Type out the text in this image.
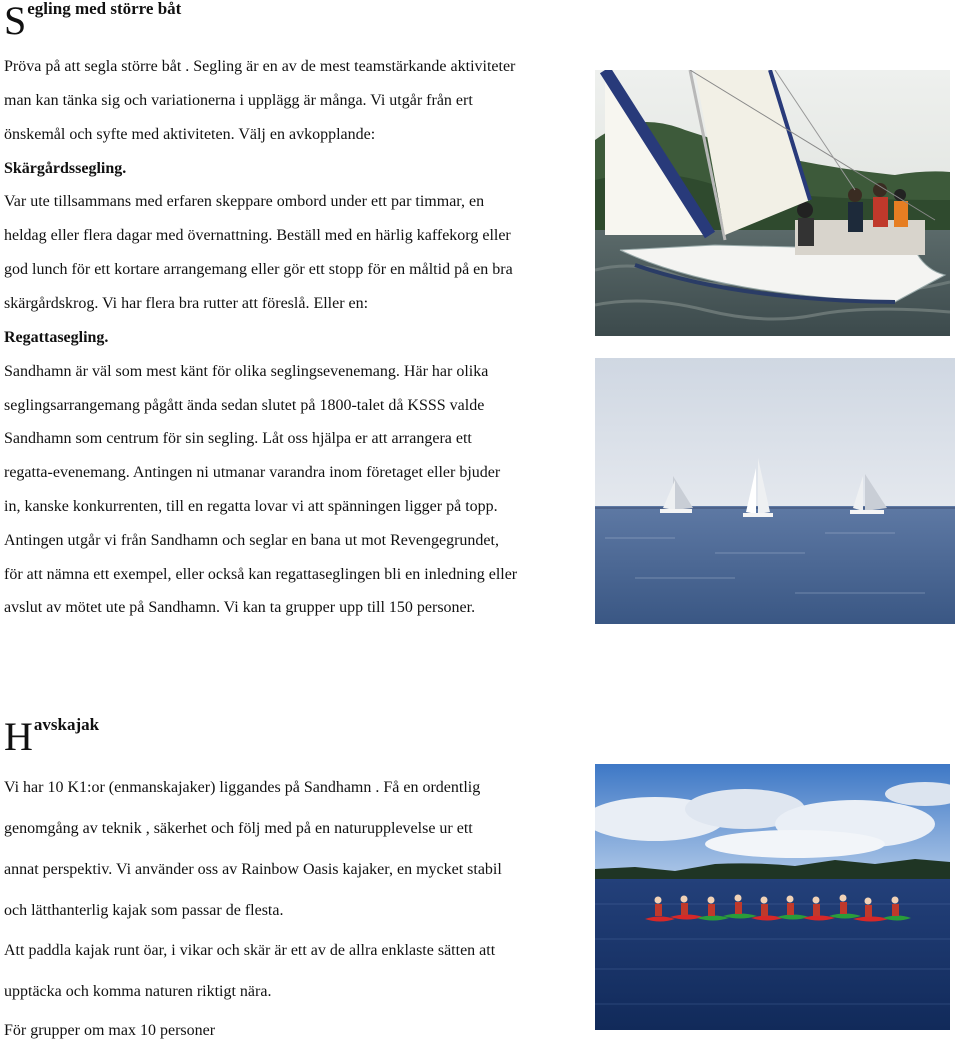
Segling med större båt

Pröva på att segla större båt . Segling är en av de mest teamstärkande aktiviteter

man kan tänka sig och variationerna i upplägg är många. Vi utgår från ert

önskemål och syfte med aktiviteten. Välj en avkopplande:

Skärgårdssegling.

Var ute tillsammans med erfaren skeppare ombord under ett par timmar, en

heldag eller flera dagar med övernattning. Beställ med en härlig kaffekorg eller

god lunch för ett kortare arrangemang eller gör ett stopp för en måltid på en bra

skärgårdskrog. Vi har flera bra rutter att föreslå. Eller en:

Regattasegling.

Sandhamn är väl som mest känt för olika seglingsevenemang. Här har olika

seglingsarrangemang pågått ända sedan slutet på 1800-talet då KSSS valde

Sandhamn som centrum för sin segling. Låt oss hjälpa er att arrangera ett

regatta-evenemang. Antingen ni utmanar varandra inom företaget eller bjuder

in, kanske konkurrenten, till en regatta lovar vi att spänningen ligger på topp.

Antingen utgår vi från Sandhamn och seglar en bana ut mot Revengegrundet,

för att nämna ett exempel, eller också kan regattaseglingen bli en inledning eller

avslut av mötet ute på Sandhamn. Vi kan ta grupper upp till 150 personer.

Havskajak

Vi har 10 K1:or (enmanskajaker) liggandes på Sandhamn . Få en ordentlig

genomgång av teknik , säkerhet och följ med på en naturupplevelse ur ett

annat perspektiv. Vi använder oss av Rainbow Oasis kajaker, en mycket stabil

och lätthanterlig kajak som passar de flesta.

Att paddla kajak runt öar, i vikar och skär är ett av de allra enklaste sätten att

upptäcka och komma naturen riktigt nära.

För grupper om max 10 personer
